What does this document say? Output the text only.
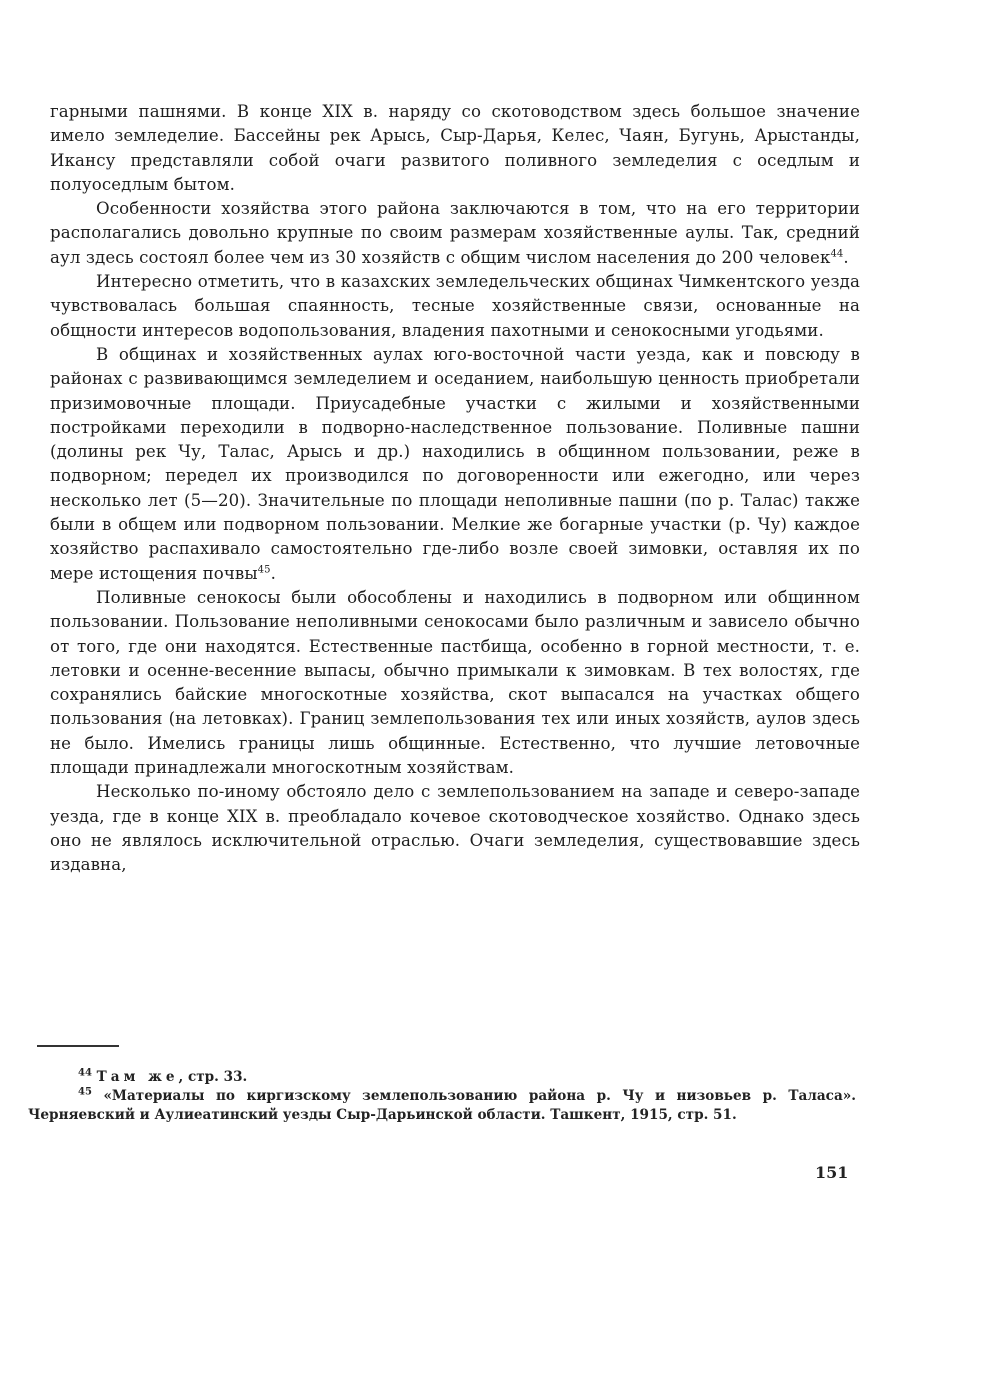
гарными пашнями. В конце XIX в. наряду со скотоводством здесь большое значение имело земледелие. Бассейны рек Арысь, Сыр-Дарья, Келес, Чаян, Бугунь, Арыстанды, Икансу представляли собой очаги развитого поливного земледелия с оседлым и полуоседлым бытом.

Особенности хозяйства этого района заключаются в том, что на его территории располагались довольно крупные по своим размерам хозяйственные аулы. Так, средний аул здесь состоял более чем из 30 хозяйств с общим числом населения до 200 человек$^{44}$.

Интересно отметить, что в казахских земледельческих общинах Чимкентского уезда чувствовалась большая спаянность, тесные хозяйственные связи, основанные на общности интересов водопользования, владения пахотными и сенокосными угодьями.

В общинах и хозяйственных аулах юго-восточной части уезда, как и повсюду в районах с развивающимся земледелием и оседанием, наибольшую ценность приобретали призимовочные площади. Приусадебные участки с жилыми и хозяйственными постройками переходили в подворно-наследственное пользование. Поливные пашни (долины рек Чу, Талас, Арысь и др.) находились в общинном пользовании, реже в подворном; передел их производился по договоренности или ежегодно, или через несколько лет (5—20). Значительные по площади неполивные пашни (по р. Талас) также были в общем или подворном пользовании. Мелкие же богарные участки (р. Чу) каждое хозяйство распахивало самостоятельно где-либо возле своей зимовки, оставляя их по мере истощения почвы$^{45}$.

Поливные сенокосы были обособлены и находились в подворном или общинном пользовании. Пользование неполивными сенокосами было различным и зависело обычно от того, где они находятся. Естественные пастбища, особенно в горной местности, т. е. летовки и осенне-весенние выпасы, обычно примыкали к зимовкам. В тех волостях, где сохранялись байские многоскотные хозяйства, скот выпасался на участках общего пользования (на летовках). Границ землепользования тех или иных хозяйств, аулов здесь не было. Имелись границы лишь общинные. Естественно, что лучшие летовочные площади принадлежали многоскотным хозяйствам.

Несколько по-иному обстояло дело с землепользованием на западе и северо-западе уезда, где в конце XIX в. преобладало кочевое скотоводческое хозяйство. Однако здесь оно не являлось исключительной отраслью. Очаги земледелия, существовавшие здесь издавна,

$^{44}$ Там же, стр. 33.

$^{45}$ «Материалы по киргизскому землепользованию района р. Чу и низовьев р. Таласа». Черняевский и Аулиеатинский уезды Сыр-Дарьинской области. Ташкент, 1915, стр. 51.

151
